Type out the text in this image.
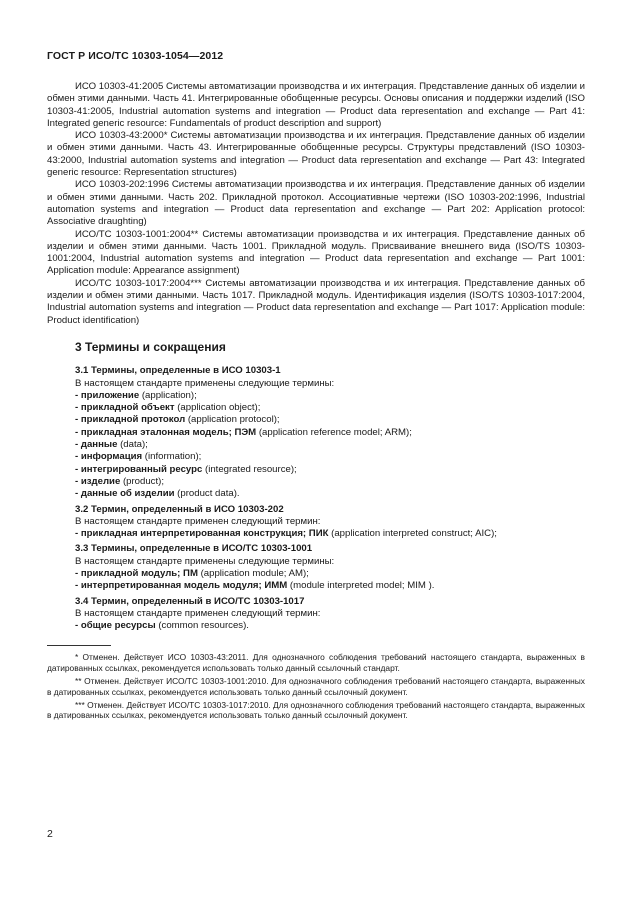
ГОСТ Р ИСО/ТС 10303-1054—2012

ИСО 10303-41:2005 Системы автоматизации производства и их интеграция. Представление данных об изделии и обмен этими данными. Часть 41. Интегрированные обобщенные ресурсы. Основы описания и поддержки изделий (ISO 10303-41:2005, Industrial automation systems and integration — Product data representation and exchange — Part 41: Integrated generic resource: Fundamentals of product description and support)

ИСО 10303-43:2000* Системы автоматизации производства и их интеграция. Представление данных об изделии и обмен этими данными. Часть 43. Интегрированные обобщенные ресурсы. Структуры представлений (ISO 10303-43:2000, Industrial automation systems and integration — Product data representation and exchange — Part 43: Integrated generic resource: Representation structures)

ИСО 10303-202:1996 Системы автоматизации производства и их интеграция. Представление данных об изделии и обмен этими данными. Часть 202. Прикладной протокол. Ассоциативные чертежи (ISO 10303-202:1996, Industrial automation systems and integration — Product data representation and exchange — Part 202: Application protocol: Associative draughting)

ИСО/ТС 10303-1001:2004** Системы автоматизации производства и их интеграция. Представление данных об изделии и обмен этими данными. Часть 1001. Прикладной модуль. Присваивание внешнего вида (ISO/TS 10303-1001:2004, Industrial automation systems and integration — Product data representation and exchange — Part 1001: Application module: Appearance assignment)

ИСО/ТС 10303-1017:2004*** Системы автоматизации производства и их интеграция. Представление данных об изделии и обмен этими данными. Часть 1017. Прикладной модуль. Идентификация изделия (ISO/TS 10303-1017:2004, Industrial automation systems and integration — Product data representation and exchange — Part 1017: Application module: Product identification)

3 Термины и сокращения

3.1 Термины, определенные в ИСО 10303-1

В настоящем стандарте применены следующие термины:

- приложение (application);

- прикладной объект (application object);

- прикладной протокол (application protocol);

- прикладная эталонная модель; ПЭМ (application reference model; ARM);

- данные (data);

- информация (information);

- интегрированный ресурс (integrated resource);

- изделие (product);

- данные об изделии (product data).

3.2 Термин, определенный в ИСО 10303-202

В настоящем стандарте применен следующий термин:

- прикладная интерпретированная конструкция; ПИК (application interpreted construct; AIC);

3.3 Термины, определенные в ИСО/ТС 10303-1001

В настоящем стандарте применены следующие термины:

- прикладной модуль; ПМ (application module; AM);

- интерпретированная модель модуля; ИММ (module interpreted model; MIM ).

3.4 Термин, определенный в ИСО/ТС 10303-1017

В настоящем стандарте применен следующий термин:

- общие ресурсы (common resources).

* Отменен. Действует ИСО 10303-43:2011. Для однозначного соблюдения требований настоящего стандарта, выраженных в датированных ссылках, рекомендуется использовать только данный ссылочный стандарт.

** Отменен. Действует ИСО/ТС 10303-1001:2010. Для однозначного соблюдения требований настоящего стандарта, выраженных в датированных ссылках, рекомендуется использовать только данный ссылочный документ.

*** Отменен. Действует ИСО/ТС 10303-1017:2010. Для однозначного соблюдения требований настоящего стандарта, выраженных в датированных ссылках, рекомендуется использовать только данный ссылочный документ.

2
